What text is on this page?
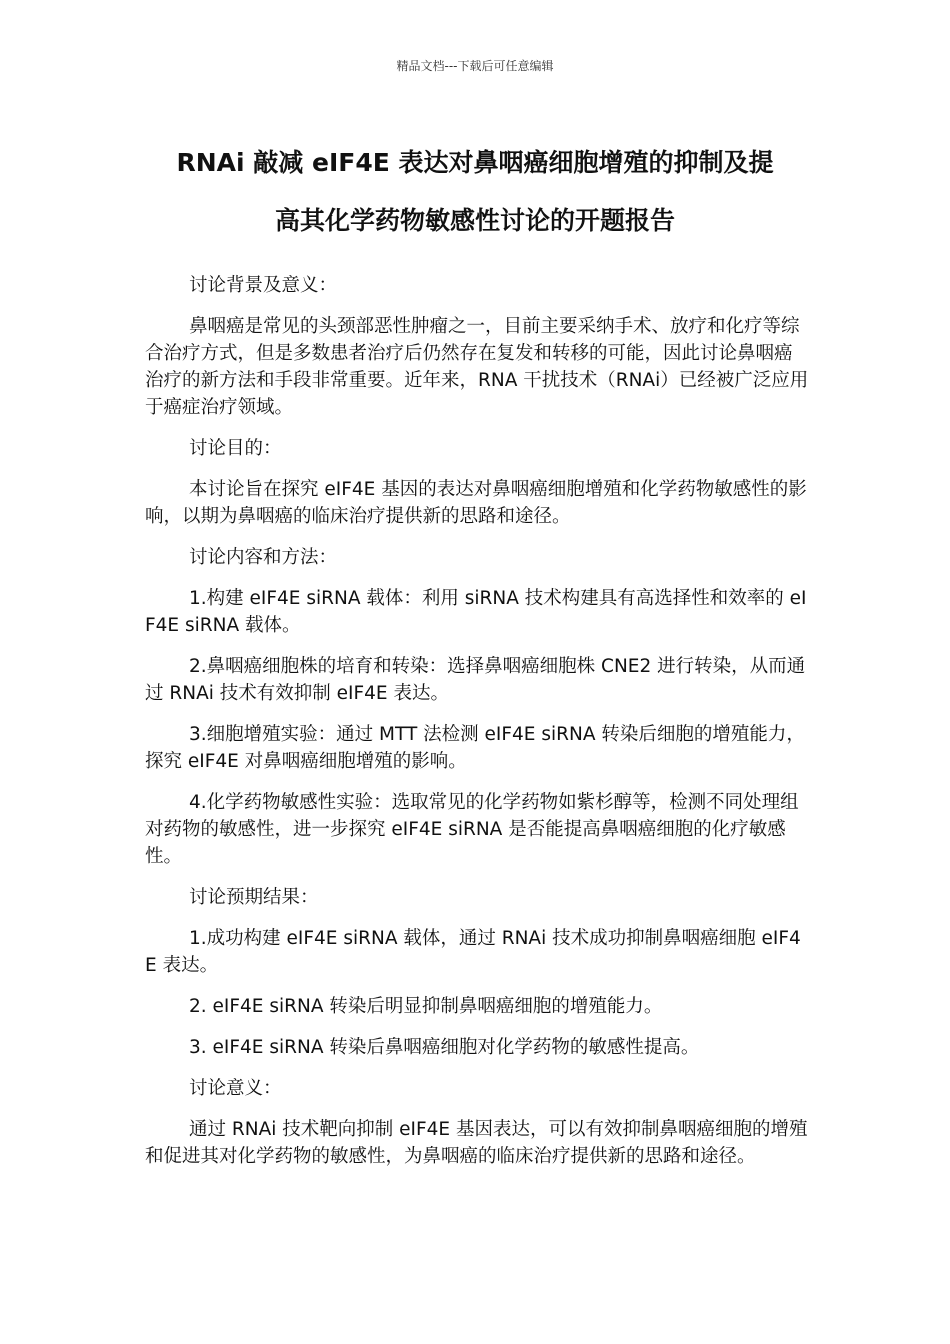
精品文档---下载后可任意编辑
RNAi 敲减 eIF4E 表达对鼻咽癌细胞增殖的抑制及提
高其化学药物敏感性讨论的开题报告

讨论背景及意义：

鼻咽癌是常见的头颈部恶性肿瘤之一，目前主要采纳手术、放疗和化疗等综合治疗方式，但是多数患者治疗后仍然存在复发和转移的可能，因此讨论鼻咽癌治疗的新方法和手段非常重要。近年来，RNA 干扰技术（RNAi）已经被广泛应用于癌症治疗领域。

讨论目的：

本讨论旨在探究 eIF4E 基因的表达对鼻咽癌细胞增殖和化学药物敏感性的影响，以期为鼻咽癌的临床治疗提供新的思路和途径。

讨论内容和方法：

1.构建 eIF4E siRNA 载体：利用 siRNA 技术构建具有高选择性和效率的 eIF4E siRNA 载体。

2.鼻咽癌细胞株的培育和转染：选择鼻咽癌细胞株 CNE2 进行转染，从而通过 RNAi 技术有效抑制 eIF4E 表达。

3.细胞增殖实验：通过 MTT 法检测 eIF4E siRNA 转染后细胞的增殖能力，探究 eIF4E 对鼻咽癌细胞增殖的影响。

4.化学药物敏感性实验：选取常见的化学药物如紫杉醇等，检测不同处理组对药物的敏感性，进一步探究 eIF4E siRNA 是否能提高鼻咽癌细胞的化疗敏感性。

讨论预期结果：

1.成功构建 eIF4E siRNA 载体，通过 RNAi 技术成功抑制鼻咽癌细胞 eIF4E 表达。

2. eIF4E siRNA 转染后明显抑制鼻咽癌细胞的增殖能力。

3. eIF4E siRNA 转染后鼻咽癌细胞对化学药物的敏感性提高。

讨论意义：

通过 RNAi 技术靶向抑制 eIF4E 基因表达，可以有效抑制鼻咽癌细胞的增殖和促进其对化学药物的敏感性，为鼻咽癌的临床治疗提供新的思路和途径。
